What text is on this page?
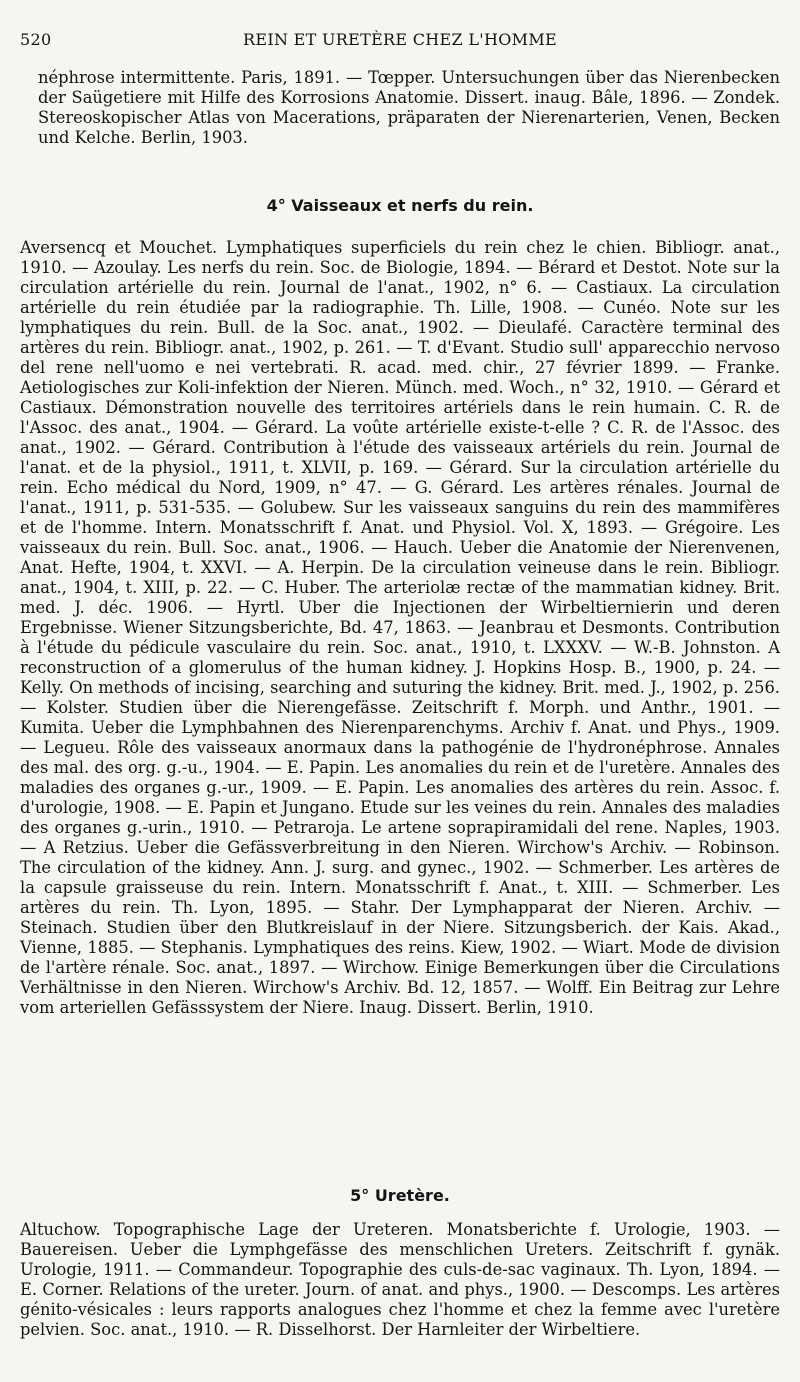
520	REIN ET URETÈRE CHEZ L'HOMME
néphrose intermittente. Paris, 1891. — Tœpper. Untersuchungen über das Nierenbecken der Saügetiere mit Hilfe des Korrosions Anatomie. Dissert. inaug. Bâle, 1896. — Zondek. Stereoskopischer Atlas von Macerations, präparaten der Nierenarterien, Venen, Becken und Kelche. Berlin, 1903.
4° Vaisseaux et nerfs du rein.
Aversencq et Mouchet. Lymphatiques superficiels du rein chez le chien. Bibliogr. anat., 1910. — Azoulay. Les nerfs du rein. Soc. de Biologie, 1894. — Bérard et Destot. Note sur la circulation artérielle du rein. Journal de l'anat., 1902, n° 6. — Castiaux. La circulation artérielle du rein étudiée par la radiographie. Th. Lille, 1908. — Cunéo. Note sur les lymphatiques du rein. Bull. de la Soc. anat., 1902. — Dieulafé. Caractère terminal des artères du rein. Bibliogr. anat., 1902, p. 261. — T. d'Evant. Studio sull' apparecchio nervoso del rene nell'uomo e nei vertebrati. R. acad. med. chir., 27 février 1899. — Franke. Aetiologisches zur Koli-infektion der Nieren. Münch. med. Woch., n° 32, 1910. — Gérard et Castiaux. Démonstration nouvelle des territoires artériels dans le rein humain. C. R. de l'Assoc. des anat., 1904. — Gérard. La voûte artérielle existe-t-elle ? C. R. de l'Assoc. des anat., 1902. — Gérard. Contribution à l'étude des vaisseaux artériels du rein. Journal de l'anat. et de la physiol., 1911, t. XLVII, p. 169. — Gérard. Sur la circulation artérielle du rein. Echo médical du Nord, 1909, n° 47. — G. Gérard. Les artères rénales. Journal de l'anat., 1911, p. 531-535. — Golubew. Sur les vaisseaux sanguins du rein des mammifères et de l'homme. Intern. Monatsschrift f. Anat. und Physiol. Vol. X, 1893. — Grégoire. Les vaisseaux du rein. Bull. Soc. anat., 1906. — Hauch. Ueber die Anatomie der Nierenvenen, Anat. Hefte, 1904, t. XXVI. — A. Herpin. De la circulation veineuse dans le rein. Bibliogr. anat., 1904, t. XIII, p. 22. — C. Huber. The arteriolæ rectæ of the mammatian kidney. Brit. med. J. déc. 1906. — Hyrtl. Uber die Injectionen der Wirbeltiernierin und deren Ergebnisse. Wiener Sitzungsberichte, Bd. 47, 1863. — Jeanbrau et Desmonts. Contribution à l'étude du pédicule vasculaire du rein. Soc. anat., 1910, t. LXXXV. — W.-B. Johnston. A reconstruction of a glomerulus of the human kidney. J. Hopkins Hosp. B., 1900, p. 24. — Kelly. On methods of incising, searching and suturing the kidney. Brit. med. J., 1902, p. 256. — Kolster. Studien über die Nierengefässe. Zeitschrift f. Morph. und Anthr., 1901. — Kumita. Ueber die Lymphbahnen des Nierenparenchyms. Archiv f. Anat. und Phys., 1909. — Legueu. Rôle des vaisseaux anormaux dans la pathogénie de l'hydronéphrose. Annales des mal. des org. g.-u., 1904. — E. Papin. Les anomalies du rein et de l'uretère. Annales des maladies des organes g.-ur., 1909. — E. Papin. Les anomalies des artères du rein. Assoc. f. d'urologie, 1908. — E. Papin et Jungano. Etude sur les veines du rein. Annales des maladies des organes g.-urin., 1910. — Petraroja. Le artene soprapiramidali del rene. Naples, 1903. — A Retzius. Ueber die Gefässverbreitung in den Nieren. Wirchow's Archiv. — Robinson. The circulation of the kidney. Ann. J. surg. and gynec., 1902. — Schmerber. Les artères de la capsule graisseuse du rein. Intern. Monatsschrift f. Anat., t. XIII. — Schmerber. Les artères du rein. Th. Lyon, 1895. — Stahr. Der Lymphapparat der Nieren. Archiv. — Steinach. Studien über den Blutkreislauf in der Niere. Sitzungsberich. der Kais. Akad., Vienne, 1885. — Stephanis. Lymphatiques des reins. Kiew, 1902. — Wiart. Mode de division de l'artère rénale. Soc. anat., 1897. — Wirchow. Einige Bemerkungen über die Circulations Verhältnisse in den Nieren. Wirchow's Archiv. Bd. 12, 1857. — Wolff. Ein Beitrag zur Lehre vom arteriellen Gefässsystem der Niere. Inaug. Dissert. Berlin, 1910.
5° Uretère.
Altuchow. Topographische Lage der Ureteren. Monatsberichte f. Urologie, 1903. — Bauereisen. Ueber die Lymphgefässe des menschlichen Ureters. Zeitschrift f. gynäk. Urologie, 1911. — Commandeur. Topographie des culs-de-sac vaginaux. Th. Lyon, 1894. — E. Corner. Relations of the ureter. Journ. of anat. and phys., 1900. — Descomps. Les artères génito-vésicales : leurs rapports analogues chez l'homme et chez la femme avec l'uretère pelvien. Soc. anat., 1910. — R. Disselhorst. Der Harnleiter der Wirbeltiere.
